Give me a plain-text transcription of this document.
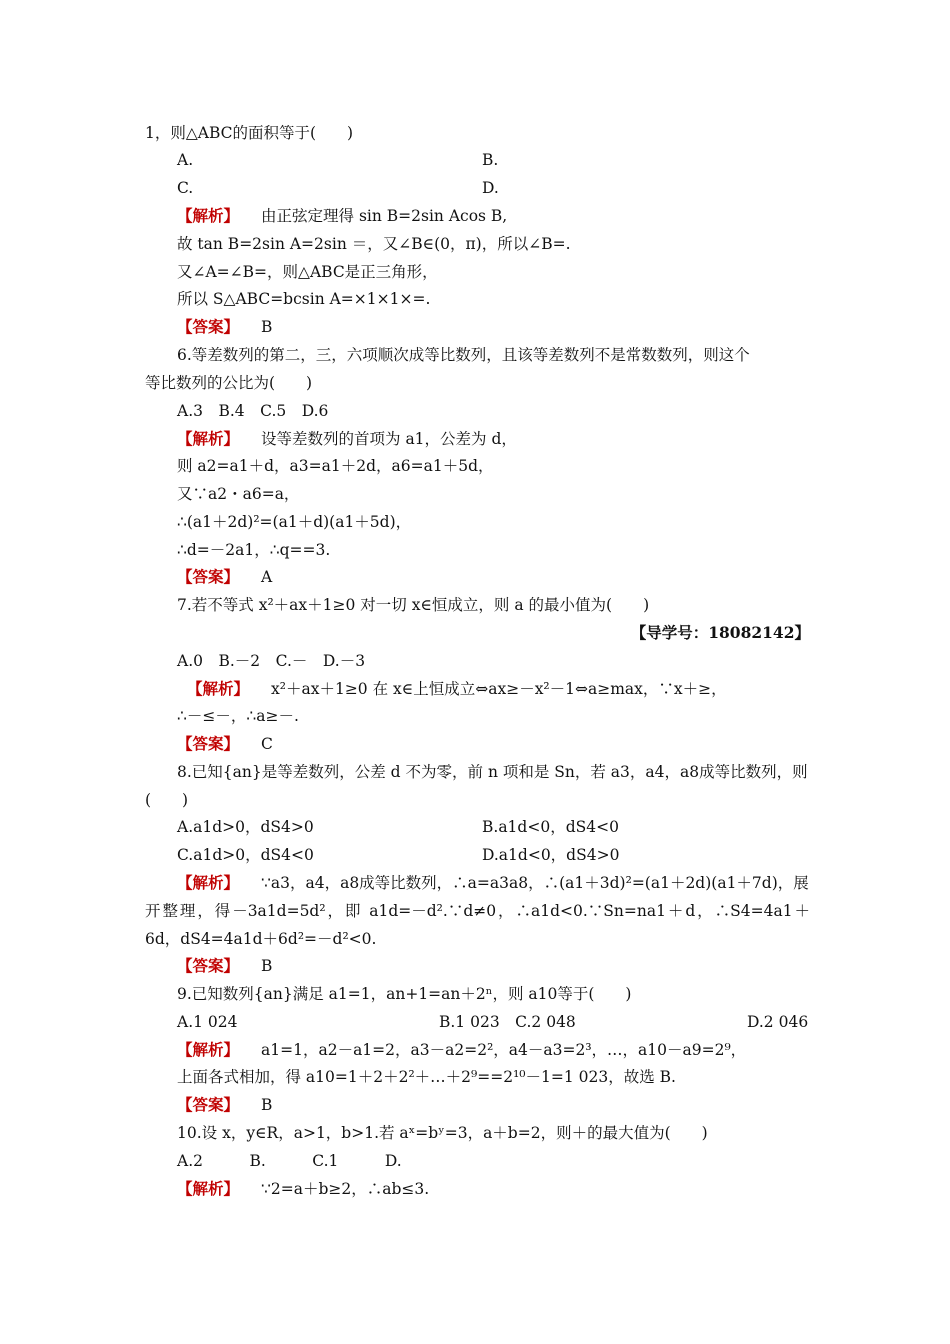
1，则△ABC的面积等于(　　)
A.	B.
C.	D.
【解析】 由正弦定理得 sin B=2sin Acos B,
故 tan B=2sin A=2sin ＝，又∠B∈(0，π)，所以∠B=.
又∠A=∠B=，则△ABC是正三角形，
所以 S△ABC=bcsin A=×1×1×=.
【答案】 B
6.等差数列的第二，三，六项顺次成等比数列，且该等差数列不是常数数列，则这个
等比数列的公比为(　　)
A.3　B.4　C.5　D.6
【解析】 设等差数列的首项为 a1，公差为 d，
则 a2=a1＋d，a3=a1＋2d，a6=a1＋5d，
又∵a2・a6=a，
∴(a1＋2d)²=(a1＋d)(a1＋5d)，
∴d=－2a1，∴q==3.
【答案】 A
7.若不等式 x²＋ax＋1≥0 对一切 x∈恒成立，则 a 的最小值为(　　)
【导学号：18082142】
A.0　B.－2　C.－　D.－3
【解析】 x²＋ax＋1≥0 在 x∈上恒成立⇔ax≥－x²－1⇔a≥max，∵x＋≥，
∴－≤－，∴a≥－.
【答案】 C
8.已知{an}是等差数列，公差 d 不为零，前 n 项和是 Sn，若 a3，a4，a8成等比数列，则
(　　)
A.a1d>0，dS4>0	B.a1d<0，dS4<0
C.a1d>0，dS4<0	D.a1d<0，dS4>0
【解析】 ∵a3，a4，a8成等比数列，∴a=a3a8，∴(a1＋3d)²=(a1＋2d)(a1＋7d)，展
开整理，得－3a1d=5d²，即 a1d=－d².∵d≠0，∴a1d<0.∵Sn=na1＋d，∴S4=4a1＋
6d，dS4=4a1d＋6d²=－d²<0.
【答案】 B
9.已知数列{an}满足 a1=1，an+1=an＋2ⁿ，则 a10等于(　　)
A.1 024　　　　　　　　　　　　　B.1 023　C.2 048	D.2 046
【解析】 a1=1，a2－a1=2，a3－a2=2²，a4－a3=2³，…，a10－a9=2⁹，
上面各式相加，得 a10=1＋2＋2²＋…＋2⁹==2¹⁰－1=1 023，故选 B.
【答案】 B
10.设 x，y∈R，a>1，b>1.若 aˣ=bʸ=3，a＋b=2，则＋的最大值为(　　)
A.2　　　B.　　　C.1　　　D.
【解析】 ∵2=a＋b≥2，∴ab≤3.
